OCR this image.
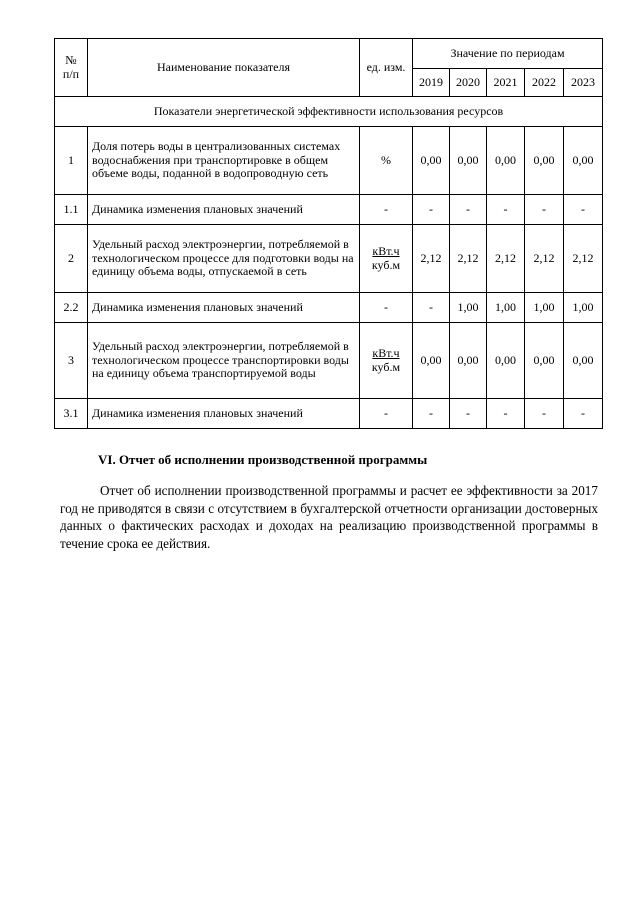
№ п/п	Наименование показателя	ед. изм.	Значение по периодам				
			2019	2020	2021	2022	2023
Показатели энергетической эффективности использования ресурсов							
1	Доля потерь воды в централизованных системах водоснабжения при транспортировке в общем объеме воды, поданной в водопроводную сеть	%	0,00	0,00	0,00	0,00	0,00
1.1	Динамика изменения плановых значений	-	-	-	-	-	-
2	Удельный расход электроэнергии, потребляемой в технологическом процессе для подготовки воды на единицу объема воды, отпускаемой в сеть	$\frac{\text{кВт.ч}}{\text{куб.м}}$	2,12	2,12	2,12	2,12	2,12
2.2	Динамика изменения плановых значений	-	-	1,00	1,00	1,00	1,00
3	Удельный расход электроэнергии, потребляемой в технологическом процессе транспортировки воды на единицу объема транспортируемой воды	$\frac{\text{кВт.ч}}{\text{куб.м}}$	0,00	0,00	0,00	0,00	0,00
3.1	Динамика изменения плановых значений	-	-	-	-	-	-
VI. Отчет об исполнении производственной программы
Отчет об исполнении производственной программы и расчет ее эффективности за 2017 год не приводятся в связи с отсутствием в бухгалтерской отчетности организации достоверных данных о фактических расходах и доходах на реализацию производственной программы в течение срока ее действия.
